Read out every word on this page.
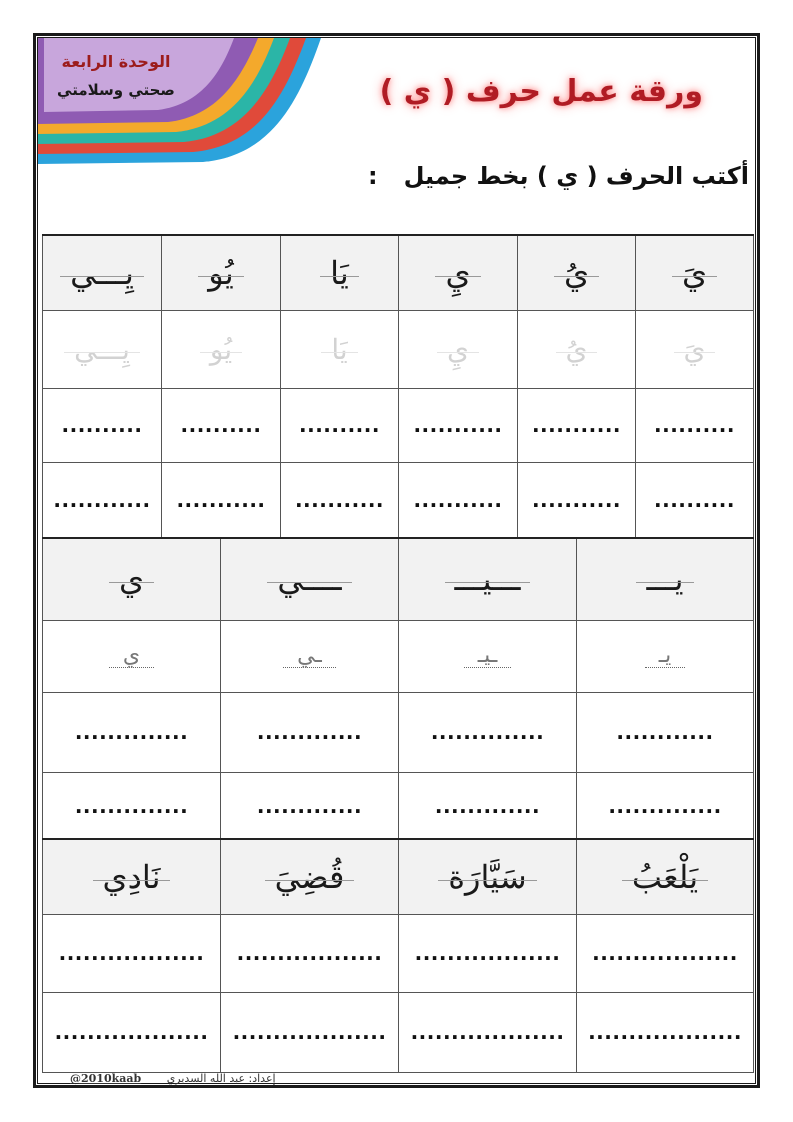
الوحدة الرابعة
صحتي وسلامتي	ورقة عمل حرف ( ي )
أكتب الحرف ( ي ) بخط جميل:
يَ	يُ	يِ	يَا	يُو	يِـــي
يَ	يُ	يِ	يَا	يُو	يِـــي
..........	...........	...........	..........	..........	..........
..........	...........	...........	...........	...........	............
يـــ	ـــيـــ	ــــي	ي
يـ	ـيـ	ـي	ي
............	..............	.............	..............
..............	.............	.............	..............
يَلْعَبُ	سَيَّارَة	قُضِيَ	نَادِي
..................	..................	..................	..................
...................	...................	...................	...................
@2010kaab إعداد: عبد الله السديري
